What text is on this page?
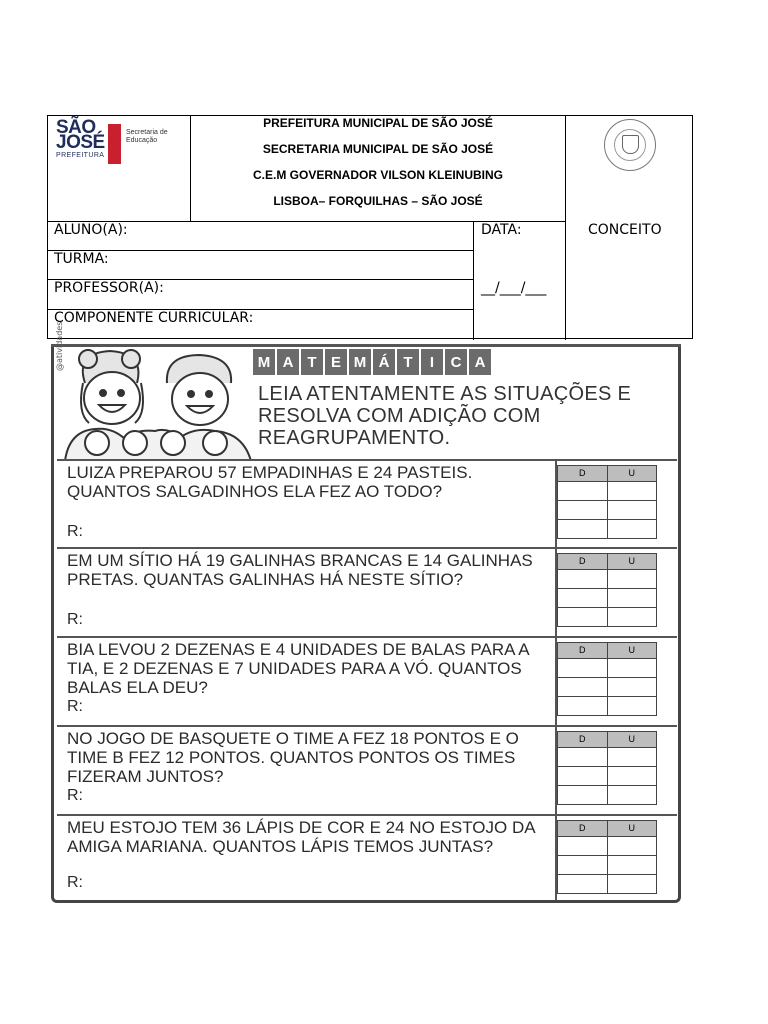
SÃO
JOSÉ
PREFEITURA
Secretaria de
Educação
PREFEITURA MUNICIPAL DE SÃO JOSÉ
SECRETARIA MUNICIPAL DE SÃO JOSÉ
C.E.M GOVERNADOR VILSON KLEINUBING
LISBOA– FORQUILHAS – SÃO JOSÉ
ALUNO(A):
TURMA:
PROFESSOR(A):
COMPONENTE CURRICULAR:
DATA:
__/___/___
CONCEITO
@atividades	M A T E M Á T	I	C A
LEIA ATENTAMENTE AS SITUAÇÕES E RESOLVA COM ADIÇÃO COM REAGRUPAMENTO.
LUIZA PREPAROU 57 EMPADINHAS E 24 PASTEIS. QUANTOS SALGADINHOS ELA FEZ AO TODO?
R:
D	U
EM UM SÍTIO HÁ 19 GALINHAS BRANCAS E 14 GALINHAS PRETAS. QUANTAS GALINHAS HÁ NESTE SÍTIO?
R:
D	U
BIA LEVOU 2 DEZENAS E 4 UNIDADES DE BALAS PARA A TIA, E 2 DEZENAS E 7 UNIDADES PARA A VÓ. QUANTOS BALAS ELA DEU?
R:
D	U
NO JOGO DE BASQUETE O TIME A FEZ 18 PONTOS E O TIME B FEZ 12 PONTOS. QUANTOS PONTOS OS TIMES FIZERAM JUNTOS?
R:
D	U
MEU ESTOJO TEM 36 LÁPIS DE COR E 24 NO ESTOJO DA AMIGA MARIANA. QUANTOS LÁPIS TEMOS JUNTAS?
R:
D	U
